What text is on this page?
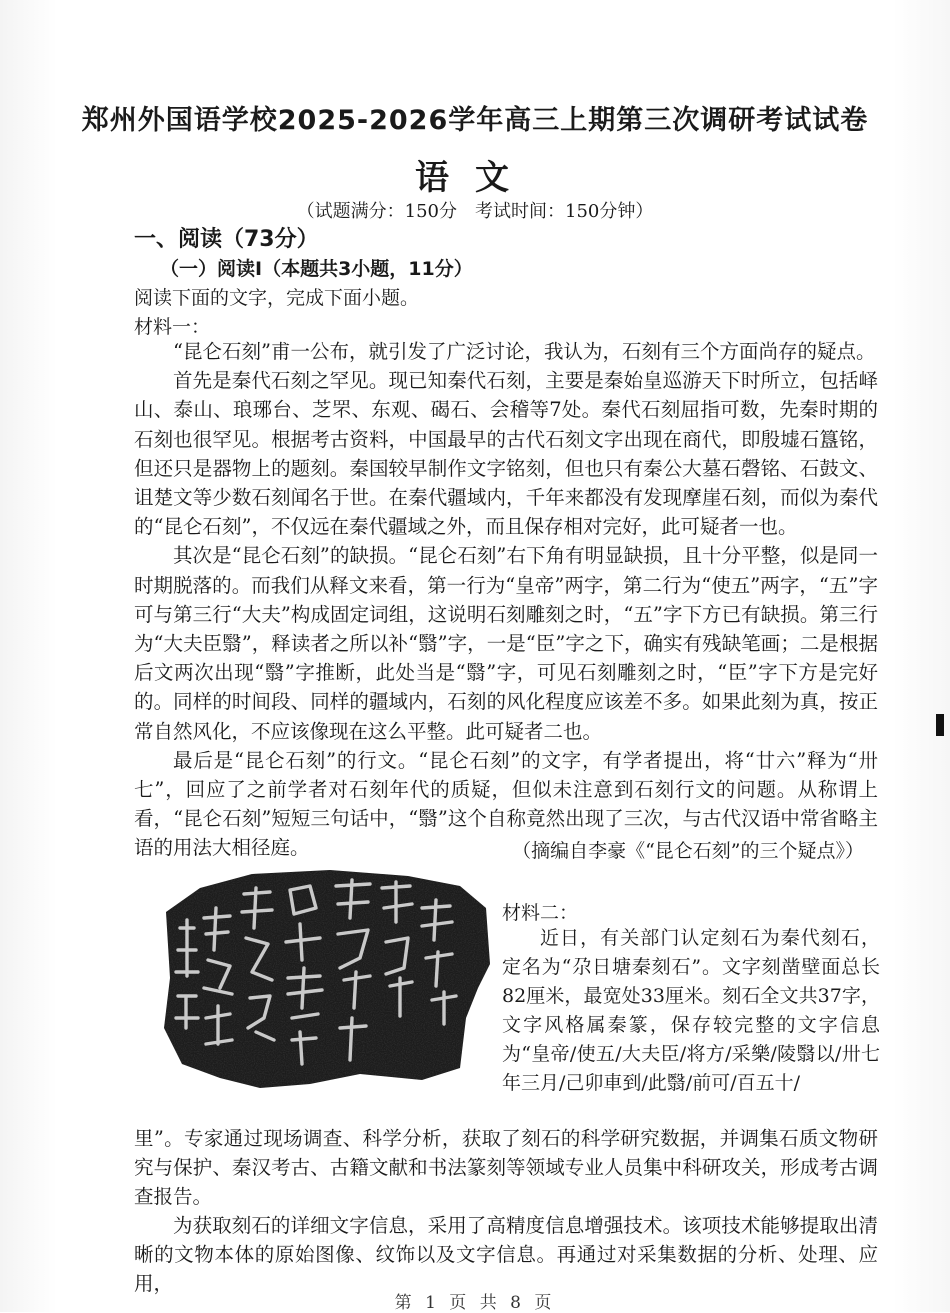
郑州外国语学校2025-2026学年高三上期第三次调研考试试卷
语文
（试题满分：150分　考试时间：150分钟）
一、阅读（73分）
（一）阅读Ⅰ（本题共3小题，11分）
阅读下面的文字，完成下面小题。
材料一：

“昆仑石刻”甫一公布，就引发了广泛讨论，我认为，石刻有三个方面尚存的疑点。

首先是秦代石刻之罕见。现已知秦代石刻，主要是秦始皇巡游天下时所立，包括峄山、泰山、琅琊台、芝罘、东观、碣石、会稽等7处。秦代石刻屈指可数，先秦时期的石刻也很罕见。根据考古资料，中国最早的古代石刻文字出现在商代，即殷墟石簋铭，但还只是器物上的题刻。秦国较早制作文字铭刻，但也只有秦公大墓石磬铭、石鼓文、诅楚文等少数石刻闻名于世。在秦代疆域内，千年来都没有发现摩崖石刻，而似为秦代的“昆仑石刻”，不仅远在秦代疆域之外，而且保存相对完好，此可疑者一也。

其次是“昆仑石刻”的缺损。“昆仑石刻”右下角有明显缺损，且十分平整，似是同一时期脱落的。而我们从释文来看，第一行为“皇帝”两字，第二行为“使五”两字，“五”字可与第三行“大夫”构成固定词组，这说明石刻雕刻之时，“五”字下方已有缺损。第三行为“大夫臣翳”，释读者之所以补“翳”字，一是“臣”字之下，确实有残缺笔画；二是根据后文两次出现“翳”字推断，此处当是“翳”字，可见石刻雕刻之时，“臣”字下方是完好的。同样的时间段、同样的疆域内，石刻的风化程度应该差不多。如果此刻为真，按正常自然风化，不应该像现在这么平整。此可疑者二也。

最后是“昆仑石刻”的行文。“昆仑石刻”的文字，有学者提出，将“廿六”释为“卅七”，回应了之前学者对石刻年代的质疑，但似未注意到石刻行文的问题。从称谓上看，“昆仑石刻”短短三句话中，“翳”这个自称竟然出现了三次，与古代汉语中常省略主语的用法大相径庭。	（摘编自李豪《“昆仑石刻”的三个疑点》）
材料二：

近日，有关部门认定刻石为秦代刻石，定名为“尕日塘秦刻石”。文字刻凿壁面总长82厘米，最宽处33厘米。刻石全文共37字，文字风格属秦篆，保存较完整的文字信息为“皇帝/使五/大夫臣/将方/采樂/陵翳以/卅七年三月/己卯車到/此翳/前可/百五十/

里”。专家通过现场调查、科学分析，获取了刻石的科学研究数据，并调集石质文物研究与保护、秦汉考古、古籍文献和书法篆刻等领域专业人员集中科研攻关，形成考古调查报告。

为获取刻石的详细文字信息，采用了高精度信息增强技术。该项技术能够提取出清晰的文物本体的原始图像、纹饰以及文字信息。再通过对采集数据的分析、处理、应用，

第 1 页 共 8 页
